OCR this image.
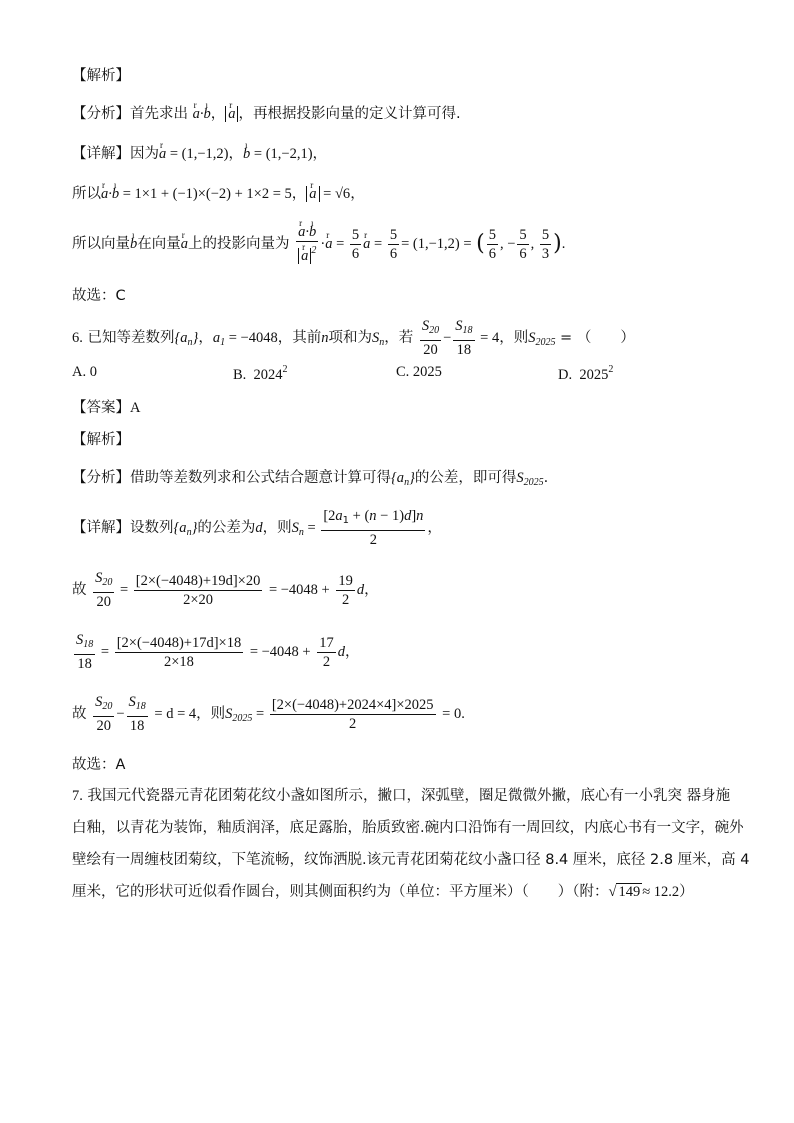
【解析】
【分析】首先求出 r a·ı b， r a ，再根据投影向量的定义计算可得.
【详解】因为r a = (1,−1,2)，ı b = (1,−2,1)，
所以r a·ı b = 1×1 + (−1)×(−2) + 1×2 = 5， r a = √6，
所以向量ı b在向量r a上的投影向量为 r a·ı b
r a $^2$ ·r $a = \frac{5}{6}$ r $a = \frac{5}{6} = (1,-1,2)$ = ( $\frac{5}{6}$ , − $\frac{5}{6}$ , $\frac{5}{3}$ ).
故选：C
6. 已知等差数列$\{a_n\}$，$a_1 = -4048$，其前n项和为$S_n$，若 $\frac{S_{20}}{20} - \frac{S_{18}}{18} = 4$，则$S_{2025}$ = （　　）
A. 0	B. 2024$^2$	C. 2025	D. 2025$^2$
【答案】A
【解析】
【分析】借助等差数列求和公式结合题意计算可得$\{a_n\}$的公差，即可得$S_{2025}$.
【详解】设数列$\{a_n\}$的公差为d，则$S_n = \frac{[2a_1 + (n - 1)d]n}{2}$ ，
故 $\frac{S_{20}}{20} = \frac{[2\times(-4048)+19d]\times 20}{2\times 20} = -4048 + \frac{19}{2}$ d，
$\frac{S_{18}}{18} = \frac{[2\times(-4048)+17d]\times 18}{2\times 18} = -4048 + \frac{17}{2}$ d，
故 $\frac{S_{20}}{20} - \frac{S_{18}}{18} = d = 4$，则$S_{2025} = \frac{[2\times(-4048)+2024\times 4]\times 2025}{2} = 0$.
故选：A
7. 我国元代瓷器元青花团菊花纹小盏如图所示，撇口，深弧壁，圈足微微外撇，底心有一小乳突 器身施
白釉，以青花为装饰，釉质润泽，底足露胎，胎质致密.碗内口沿饰有一周回纹，内底心书有一文字，碗外
壁绘有一周缠枝团菊纹，下笔流畅，纹饰洒脱.该元青花团菊花纹小盏口径 8.4 厘米，底径 2.8 厘米，高 4
厘米，它的形状可近似看作圆台，则其侧面积约为（单位：平方厘米）（　　）（附：√ 149 ≈ 12.2）
